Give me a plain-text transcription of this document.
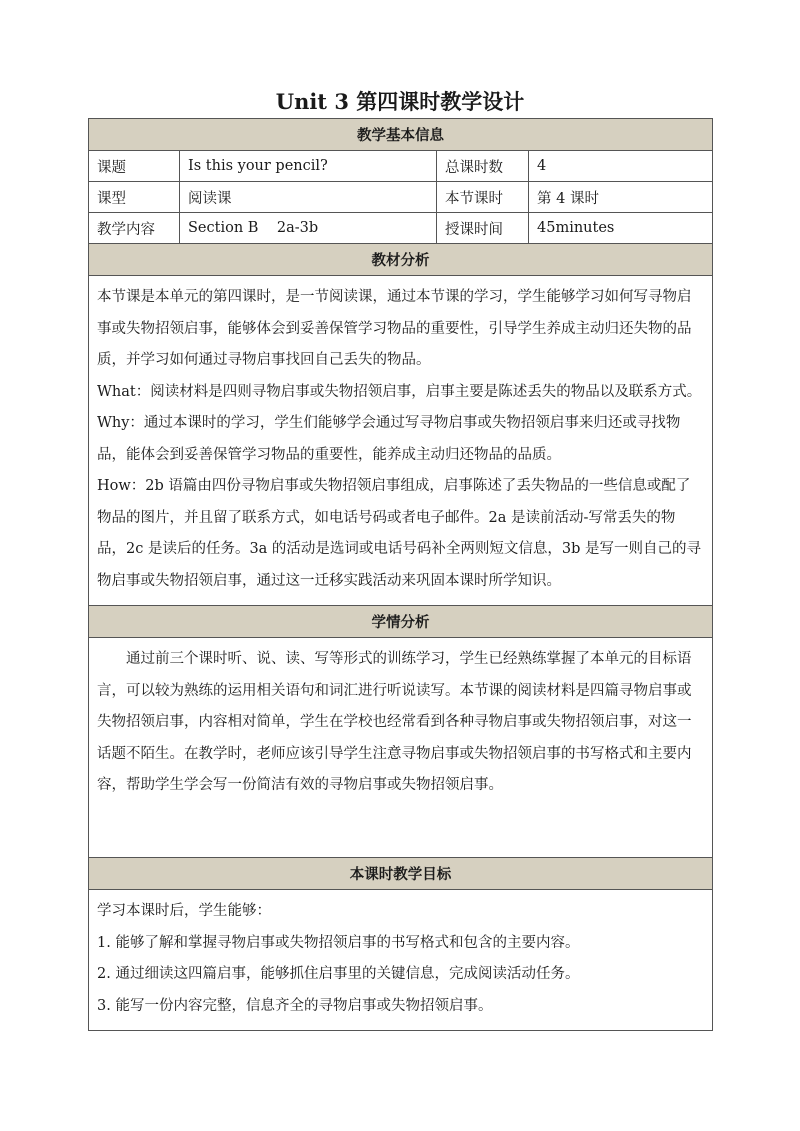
Unit 3 第四课时教学设计
教学基本信息			
课题	Is this your pencil?	总课时数	4
课型	阅读课	本节课时	第 4 课时
教学内容	Section B    2a-3b	授课时间	45minutes
教材分析			

本节课是本单元的第四课时，是一节阅读课，通过本节课的学习，学生能够学习如何写寻物启事或失物招领启事，能够体会到妥善保管学习物品的重要性，引导学生养成主动归还失物的品质，并学习如何通过寻物启事找回自己丢失的物品。

What：阅读材料是四则寻物启事或失物招领启事，启事主要是陈述丢失的物品以及联系方式。

Why：通过本课时的学习，学生们能够学会通过写寻物启事或失物招领启事来归还或寻找物品，能体会到妥善保管学习物品的重要性，能养成主动归还物品的品质。

How：2b 语篇由四份寻物启事或失物招领启事组成，启事陈述了丢失物品的一些信息或配了物品的图片，并且留了联系方式，如电话号码或者电子邮件。2a 是读前活动-写常丢失的物品，2c 是读后的任务。3a 的活动是选词或电话号码补全两则短文信息，3b 是写一则自己的寻物启事或失物招领启事，通过这一迁移实践活动来巩固本课时所学知识。			

学情分析			

通过前三个课时听、说、读、写等形式的训练学习，学生已经熟练掌握了本单元的目标语言，可以较为熟练的运用相关语句和词汇进行听说读写。本节课的阅读材料是四篇寻物启事或失物招领启事，内容相对简单，学生在学校也经常看到各种寻物启事或失物招领启事，对这一话题不陌生。在教学时，老师应该引导学生注意寻物启事或失物招领启事的书写格式和主要内容，帮助学生学会写一份简洁有效的寻物启事或失物招领启事。			

本课时教学目标			

学习本课时后，学生能够：

1. 能够了解和掌握寻物启事或失物招领启事的书写格式和包含的主要内容。

2. 通过细读这四篇启事，能够抓住启事里的关键信息，完成阅读活动任务。

3. 能写一份内容完整，信息齐全的寻物启事或失物招领启事。			
